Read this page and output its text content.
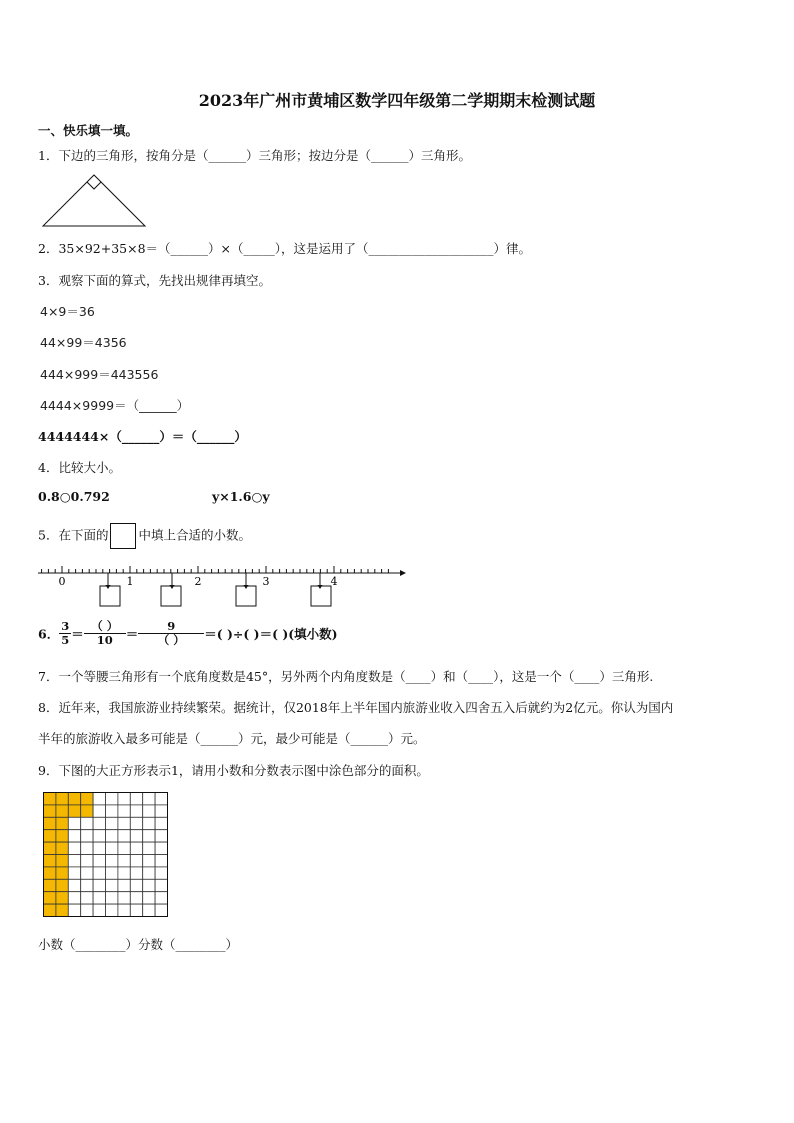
2023年广州市黄埔区数学四年级第二学期期末检测试题
一、快乐填一填。
1．下边的三角形，按角分是（______）三角形；按边分是（______）三角形。
2．35×92+35×8＝（______）×（_____），这是运用了（____________________）律。
3．观察下面的算式，先找出规律再填空。
4×9＝36
44×99＝4356
444×999＝443556
4444×9999＝（______）
4444444×（______）＝（______）
4．比较大小。
0.8○0.792	y×1.6○y
5．在下面的 中填上合适的小数。
0	1	2	3	4
6． $\frac{3}{5} = \frac{( )}{10} = \frac{9}{( )}$ ＝( )÷( )＝( )(填小数)
7．一个等腰三角形有一个底角度数是45°，另外两个内角度数是（____）和（____），这是一个（____）三角形.
8．近年来，我国旅游业持续繁荣。据统计，仅2018年上半年国内旅游业收入四舍五入后就约为2亿元。你认为国内
半年的旅游收入最多可能是（______）元，最少可能是（______）元。
9．下图的大正方形表示1，请用小数和分数表示图中涂色部分的面积。
小数（________）分数（________）
